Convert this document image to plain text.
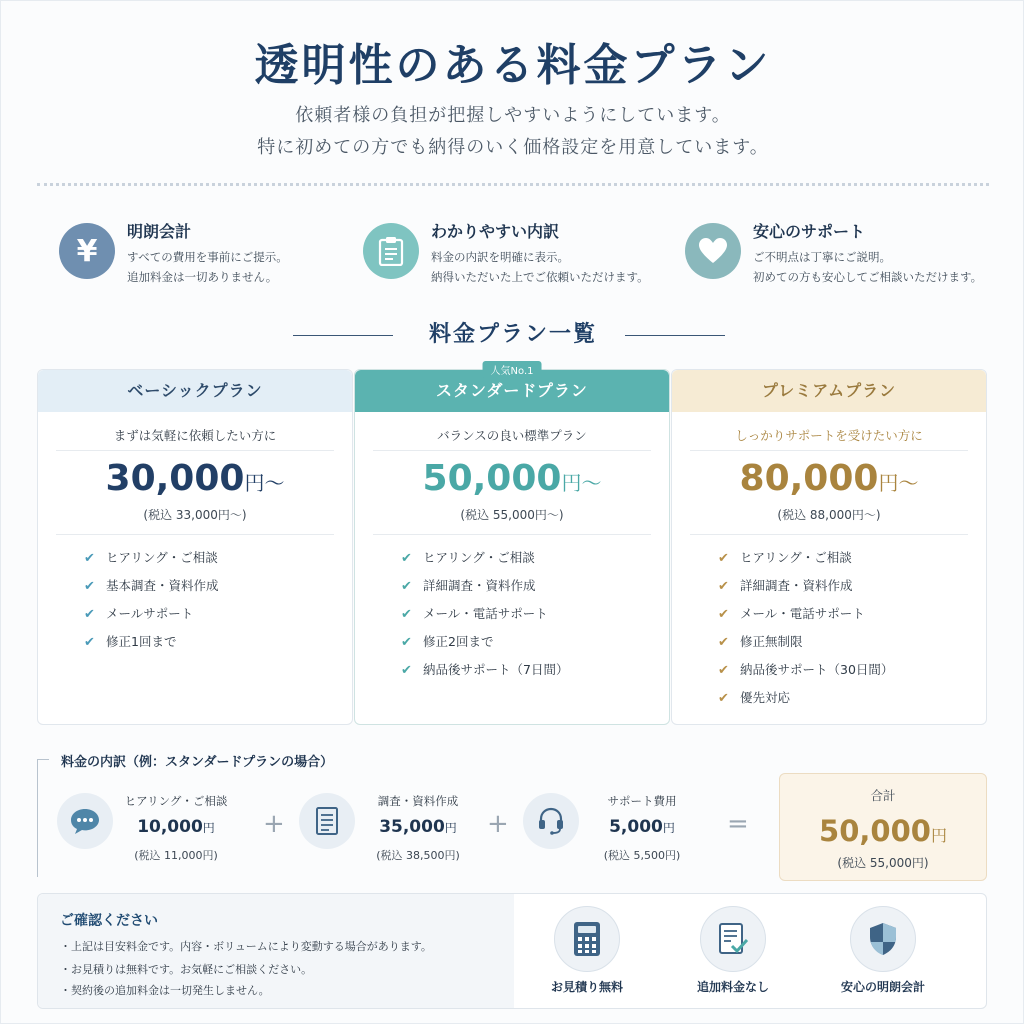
透明性のある料金プラン
依頼者様の負担が把握しやすいようにしています。
特に初めての方でも納得のいく価格設定を用意しています。
¥
明朗会計
すべての費用を事前にご提示。
追加料金は一切ありません。
わかりやすい内訳
料金の内訳を明確に表示。
納得いただいた上でご依頼いただけます。
安心のサポート
ご不明点は丁寧にご説明。
初めての方も安心してご相談いただけます。
料金プラン一覧
ベーシックプラン
まずは気軽に依頼したい方に
30,000円～
(税込 33,000円～)
✔ ヒアリング・ご相談
✔ 基本調査・資料作成
✔ メールサポート
✔ 修正1回まで
スタンダードプラン
人気No.1
バランスの良い標準プラン
50,000円～
(税込 55,000円～)
✔ ヒアリング・ご相談
✔ 詳細調査・資料作成
✔ メール・電話サポート
✔ 修正2回まで
✔ 納品後サポート（7日間）
プレミアムプラン
しっかりサポートを受けたい方に
80,000円～
(税込 88,000円～)
✔ ヒアリング・ご相談
✔ 詳細調査・資料作成
✔ メール・電話サポート
✔ 修正無制限
✔ 納品後サポート（30日間）
✔ 優先対応
料金の内訳（例：スタンダードプランの場合）
ヒアリング・ご相談
10,000円
(税込 11,000円)
+
調査・資料作成
35,000円
(税込 38,500円)
+
サポート費用
5,000円
(税込 5,500円)
=
合計
50,000円
(税込 55,000円)
ご確認ください
・上記は目安料金です。内容・ボリュームにより変動する場合があります。
・お見積りは無料です。お気軽にご相談ください。
・契約後の追加料金は一切発生しません。	お見積り無料	追加料金なし	安心の明朗会計
